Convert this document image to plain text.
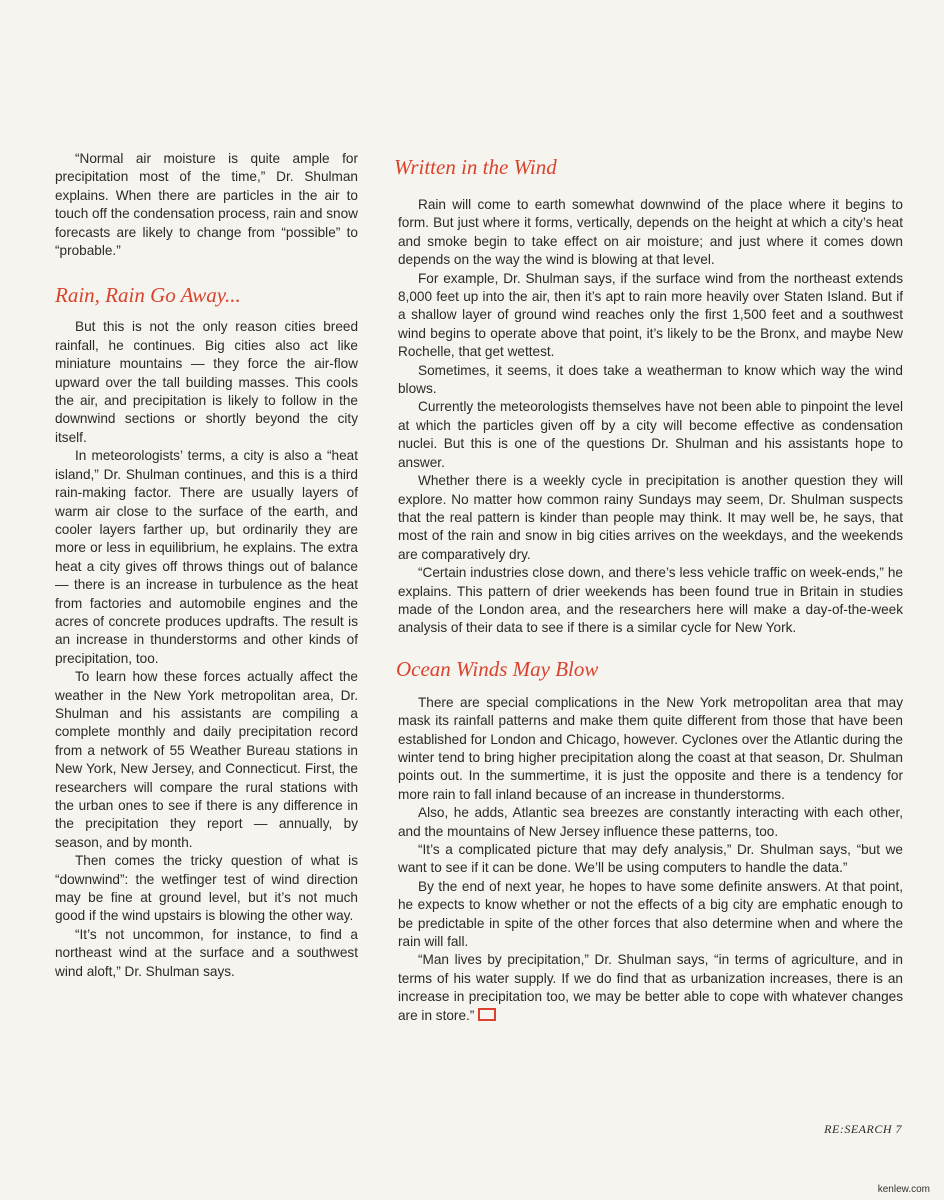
“Normal air moisture is quite ample for precipitation most of the time,” Dr. Shulman explains. When there are particles in the air to touch off the condensation process, rain and snow forecasts are likely to change from “possible” to “probable.”

Rain, Rain Go Away...

But this is not the only reason cities breed rainfall, he continues. Big cities also act like miniature mountains — they force the air-flow upward over the tall building masses. This cools the air, and precipitation is likely to follow in the downwind sections or shortly beyond the city itself.

In meteorologists’ terms, a city is also a “heat island,” Dr. Shulman continues, and this is a third rain-making factor. There are usually layers of warm air close to the surface of the earth, and cooler layers farther up, but ordinarily they are more or less in equilibrium, he explains. The extra heat a city gives off throws things out of balance — there is an increase in turbulence as the heat from factories and automobile engines and the acres of concrete produces updrafts. The result is an increase in thunderstorms and other kinds of precipitation, too.

To learn how these forces actually affect the weather in the New York metropolitan area, Dr. Shulman and his assistants are compiling a complete monthly and daily precipitation record from a network of 55 Weather Bureau stations in New York, New Jersey, and Connecticut. First, the researchers will compare the rural stations with the urban ones to see if there is any difference in the precipitation they report — annually, by season, and by month.

Then comes the tricky question of what is “downwind”: the wetfinger test of wind direction may be fine at ground level, but it’s not much good if the wind upstairs is blowing the other way.

“It’s not uncommon, for instance, to find a northeast wind at the surface and a southwest wind aloft,” Dr. Shulman says.

Written in the Wind

Rain will come to earth somewhat downwind of the place where it begins to form. But just where it forms, vertically, depends on the height at which a city’s heat and smoke begin to take effect on air moisture; and just where it comes down depends on the way the wind is blowing at that level.

For example, Dr. Shulman says, if the surface wind from the northeast extends 8,000 feet up into the air, then it’s apt to rain more heavily over Staten Island. But if a shallow layer of ground wind reaches only the first 1,500 feet and a southwest wind begins to operate above that point, it’s likely to be the Bronx, and maybe New Rochelle, that get wettest.

Sometimes, it seems, it does take a weatherman to know which way the wind blows.

Currently the meteorologists themselves have not been able to pinpoint the level at which the particles given off by a city will become effective as condensation nuclei. But this is one of the questions Dr. Shulman and his assistants hope to answer.

Whether there is a weekly cycle in precipitation is another question they will explore. No matter how common rainy Sundays may seem, Dr. Shulman suspects that the real pattern is kinder than people may think. It may well be, he says, that most of the rain and snow in big cities arrives on the weekdays, and the weekends are comparatively dry.

“Certain industries close down, and there’s less vehicle traffic on week-ends,” he explains. This pattern of drier weekends has been found true in Britain in studies made of the London area, and the researchers here will make a day-of-the-week analysis of their data to see if there is a similar cycle for New York.

Ocean Winds May Blow

There are special complications in the New York metropolitan area that may mask its rainfall patterns and make them quite different from those that have been established for London and Chicago, however. Cyclones over the Atlantic during the winter tend to bring higher precipitation along the coast at that season, Dr. Shulman points out. In the summertime, it is just the opposite and there is a tendency for more rain to fall inland because of an increase in thunderstorms.

Also, he adds, Atlantic sea breezes are constantly interacting with each other, and the mountains of New Jersey influence these patterns, too.

“It’s a complicated picture that may defy analysis,” Dr. Shulman says, “but we want to see if it can be done. We’ll be using computers to handle the data.”

By the end of next year, he hopes to have some definite answers. At that point, he expects to know whether or not the effects of a big city are emphatic enough to be predictable in spite of the other forces that also determine when and where the rain will fall.

“Man lives by precipitation,” Dr. Shulman says, “in terms of agriculture, and in terms of his water supply. If we do find that as urbanization increases, there is an increase in precipitation too, we may be better able to cope with whatever changes are in store.”

RE:SEARCH 7
kenlew.com
